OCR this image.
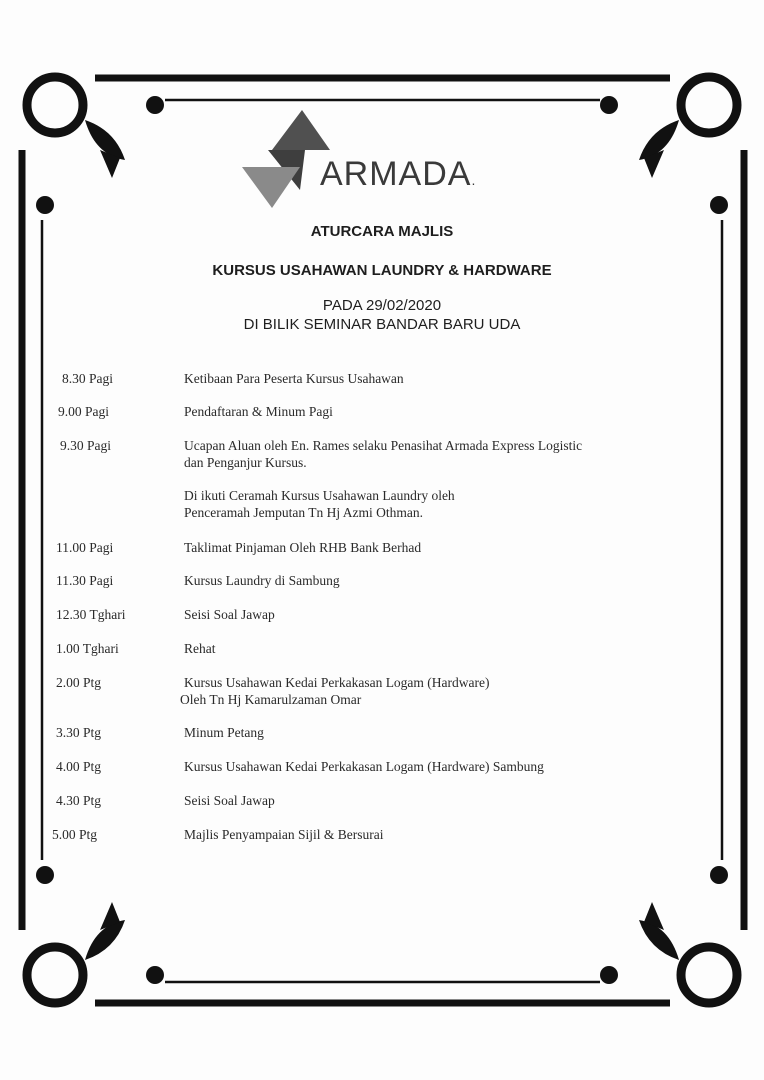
ARMADA.
ATURCARA MAJLIS
KURSUS USAHAWAN LAUNDRY & HARDWARE
PADA 29/02/2020
DI BILIK SEMINAR BANDAR BARU UDA
8.30 Pagi	Ketibaan Para Peserta Kursus Usahawan
9.00 Pagi	Pendaftaran & Minum Pagi
9.30 Pagi	Ucapan Aluan oleh En. Rames selaku Penasihat Armada Express Logistic
dan Penganjur Kursus.
Di ikuti Ceramah Kursus Usahawan Laundry oleh
Penceramah Jemputan Tn Hj Azmi Othman.
11.00 Pagi	Taklimat Pinjaman Oleh RHB Bank Berhad
11.30 Pagi	Kursus Laundry di Sambung
12.30 Tghari	Seisi Soal Jawap
1.00 Tghari	Rehat
2.00 Ptg	Kursus Usahawan Kedai Perkakasan Logam (Hardware)
Oleh Tn Hj Kamarulzaman Omar
3.30 Ptg	Minum Petang
4.00 Ptg	Kursus Usahawan Kedai Perkakasan Logam (Hardware) Sambung
4.30 Ptg	Seisi Soal Jawap
5.00 Ptg	Majlis Penyampaian Sijil & Bersurai
